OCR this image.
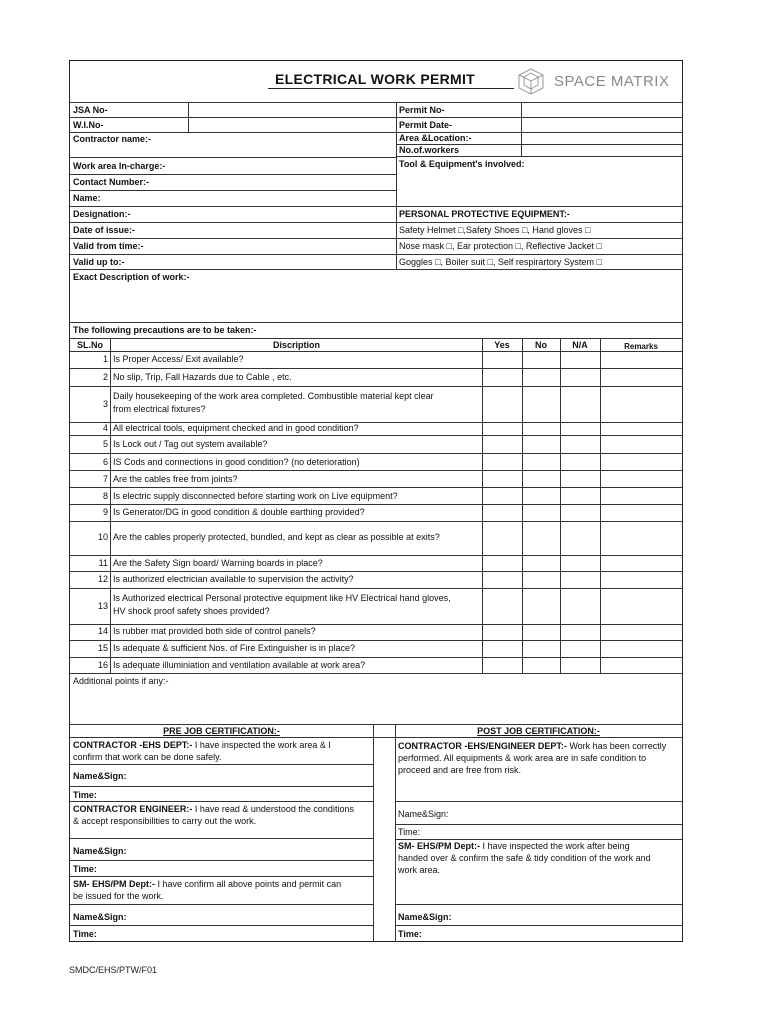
ELECTRICAL WORK PERMIT	SPACE MATRIX
JSA No-
W.I.No-
Contractor name:-
Work area In-charge:-
Contact Number:-
Name:
Designation:-
Date of issue:-
Valid from time:-
Valid up to:-
Permit No-
Permit Date-
Area &Location:-
No.of.workers
Tool & Equipment's involved:
PERSONAL PROTECTIVE EQUIPMENT:-
Safety Helmet □,Safety Shoes □, Hand gloves □
Nose mask □, Ear protection □, Reflective Jacket □
Goggles □, Boiler suit □, Self respirartory System □
Exact Description of work:-
The following precautions are to be taken:-
SL.No	Discription	Yes	No	N/A	Remarks
1 Is Proper Access/ Exit available?
2 No slip, Trip, Fall Hazards due to Cable , etc.
3
Daily housekeeping of the work area completed. Combustible material kept clear
from electrical fixtures?
4 All electrical tools, equipment checked and in good condition?
5 Is Lock out / Tag out system available?
6 IS Cods and connections in good condition? (no deterioration)
7 Are the cables free from joints?
8 Is electric supply disconnected before starting work on Live equipment?
9 Is Generator/DG in good condition & double earthing provided?
10 Are the cables properly protected, bundled, and kept as clear as possible at exits?
11 Are the Safety Sign board/ Warning boards in place?
12 Is authorized electrician available to supervision the activity?
13
Is Authorized electrical Personal protective equipment like HV Electrical hand gloves,
HV shock proof safety shoes provided?
14 Is rubber mat provided both side of control panels?
15 Is adequate & sufficient Nos. of Fire Extinguisher is in place?
16 Is adequate illuminiation and ventilation available at work area?
Additional points if any:-
PRE JOB CERTIFICATION:-	POST JOB CERTIFICATION:-
CONTRACTOR -EHS DEPT:- I have inspected the work area & I
confirm that work can be done safely.
Name&Sign:
Time:
CONTRACTOR ENGINEER:- I have read & understood the conditions
& accept responsibilities to carry out the work.
Name&Sign:
Time:
SM- EHS/PM Dept:- I have confirm all above points and permit can
be issued for the work.
Name&Sign:
Time:
CONTRACTOR -EHS/ENGINEER DEPT:- Work has been correctly
performed. All equipments & work area are in safe condition to
proceed and are free from risk.
Name&Sign:
Time:
SM- EHS/PM Dept:- I have inspected the work after being
handed over & confirm the safe & tidy condition of the work and
work area.
Name&Sign:
Time:
SMDC/EHS/PTW/F01
